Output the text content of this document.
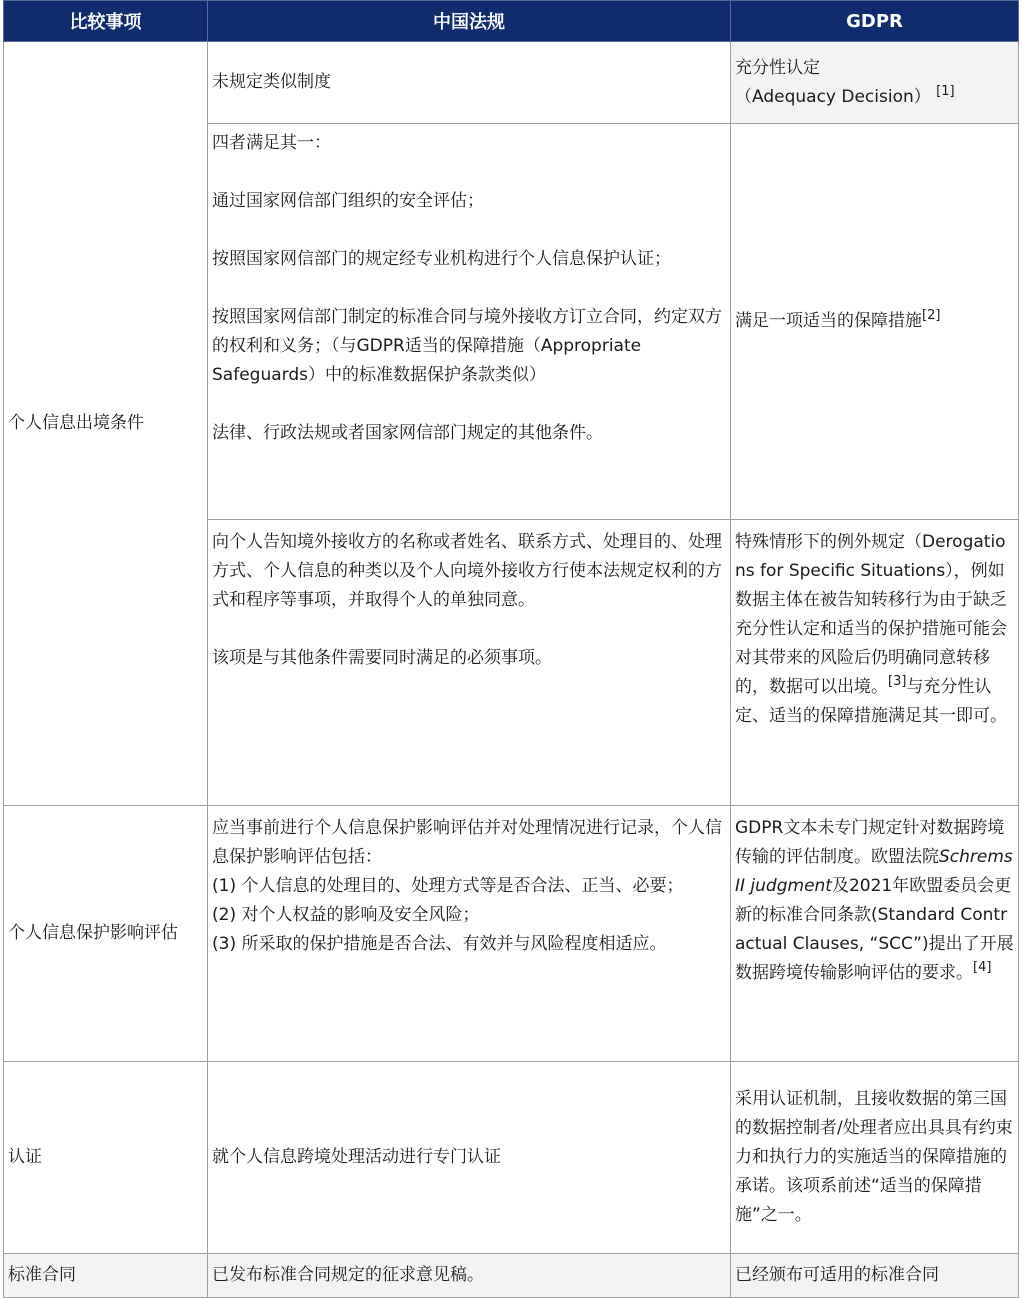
比较事项	中国法规	GDPR
个人信息出境条件	未规定类似制度	充分性认定

（Adequacy Decision） [1]

	四者满足其一：

通过国家网信部门组织的安全评估；

按照国家网信部门的规定经专业机构进行个人信息保护认证；

按照国家网信部门制定的标准合同与境外接收方订立合同，约定双方的权利和义务；（与GDPR适当的保障措施（Appropriate Safeguards）中的标准数据保护条款类似）

法律、行政法规或者国家网信部门规定的其他条件。	满足一项适当的保障措施[2]

	向个人告知境外接收方的名称或者姓名、联系方式、处理目的、处理方式、个人信息的种类以及个人向境外接收方行使本法规定权利的方式和程序等事项，并取得个人的单独同意。

该项是与其他条件需要同时满足的必须事项。	特殊情形下的例外规定（Derogations for Specific Situations），例如数据主体在被告知转移行为由于缺乏充分性认定和适当的保护措施可能会对其带来的风险后仍明确同意转移的，数据可以出境。[3]与充分性认定、适当的保障措施满足其一即可。
个人信息保护影响评估	应当事前进行个人信息保护影响评估并对处理情况进行记录，个人信息保护影响评估包括：

(1) 个人信息的处理目的、处理方式等是否合法、正当、必要；

(2) 对个人权益的影响及安全风险；

(3) 所采取的保护措施是否合法、有效并与风险程度相适应。	GDPR文本未专门规定针对数据跨境传输的评估制度。欧盟法院Schrems II judgment及2021年欧盟委员会更新的标准合同条款(Standard Contractual Clauses, “SCC”)提出了开展数据跨境传输影响评估的要求。[4]
认证	就个人信息跨境处理活动进行专门认证	采用认证机制，且接收数据的第三国的数据控制者/处理者应出具具有约束力和执行力的实施适当的保障措施的承诺。该项系前述“适当的保障措施”之一。
标准合同	已发布标准合同规定的征求意见稿。	已经颁布可适用的标准合同
